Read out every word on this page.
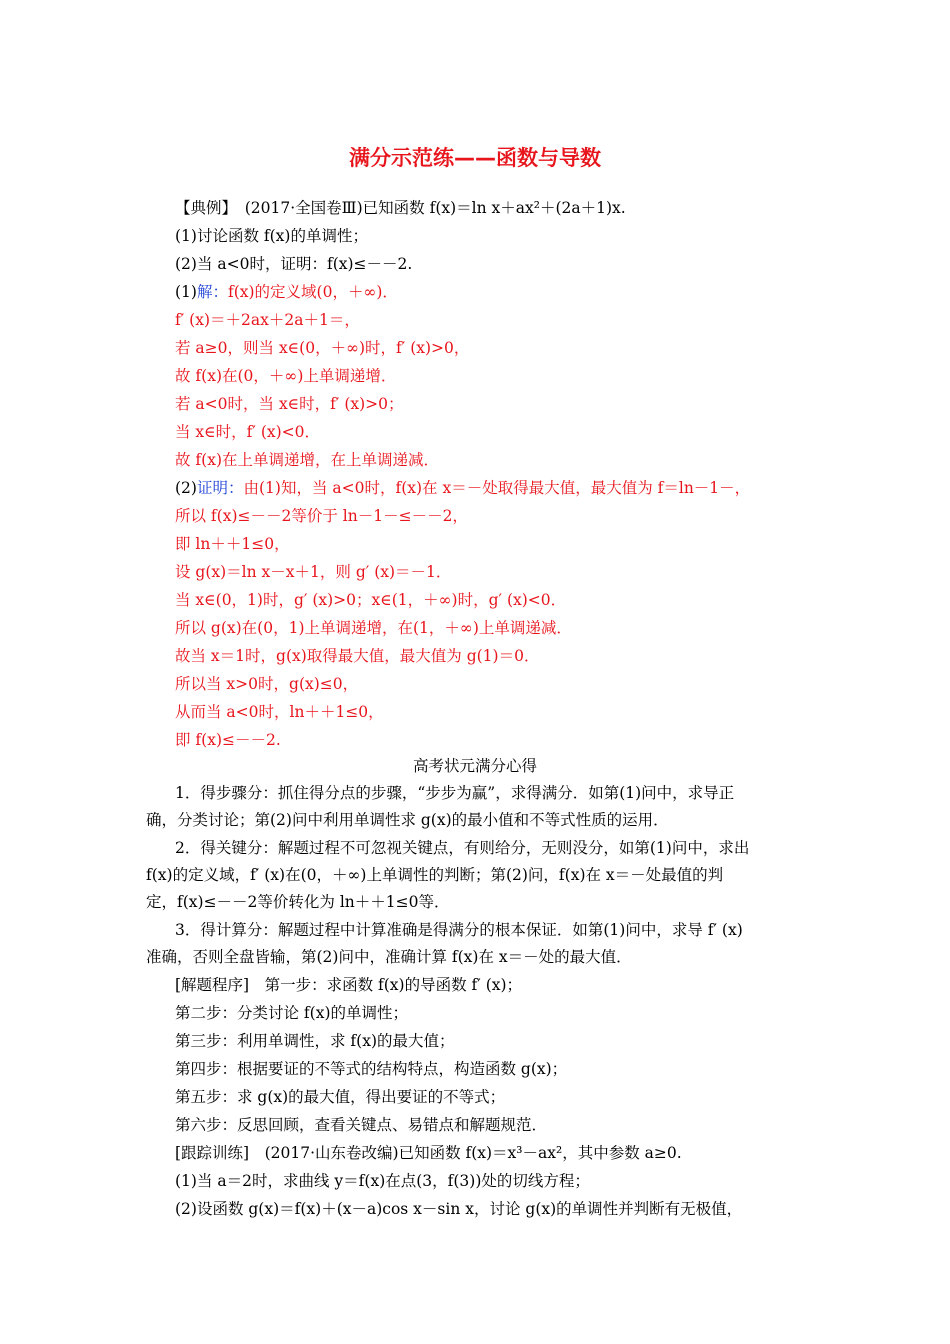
满分示范练——函数与导数

【典例】　(2017·全国卷Ⅲ)已知函数 f(x)＝ln x＋ax²＋(2a＋1)x.

(1)讨论函数 f(x)的单调性；

(2)当 a<0时，证明：f(x)≤－－2.

(1)解：f(x)的定义域(0，＋∞)．

f′ (x)＝＋2ax＋2a＋1＝，

若 a≥0，则当 x∈(0，＋∞)时，f′ (x)>0，

故 f(x)在(0，＋∞)上单调递增．

若 a<0时，当 x∈时，f′ (x)>0；

当 x∈时，f′ (x)<0．

故 f(x)在上单调递增，在上单调递减．

(2)证明：由(1)知，当 a<0时，f(x)在 x＝－处取得最大值，最大值为 f＝ln－1－，

所以 f(x)≤－－2等价于 ln－1－≤－－2，

即 ln＋＋1≤0，

设 g(x)＝ln x－x＋1，则 g′ (x)＝－1．

当 x∈(0，1)时，g′ (x)>0；x∈(1，＋∞)时，g′ (x)<0．

所以 g(x)在(0，1)上单调递增，在(1，＋∞)上单调递减．

故当 x＝1时，g(x)取得最大值，最大值为 g(1)＝0．

所以当 x>0时，g(x)≤0，

从而当 a<0时，ln＋＋1≤0，

即 f(x)≤－－2.

高考状元满分心得

1．得步骤分：抓住得分点的步骤，“步步为赢”，求得满分．如第(1)问中，求导正

确，分类讨论；第(2)问中利用单调性求 g(x)的最小值和不等式性质的运用．

2．得关键分：解题过程不可忽视关键点，有则给分，无则没分，如第(1)问中，求出

f(x)的定义域，f′ (x)在(0，＋∞)上单调性的判断；第(2)问，f(x)在 x＝－处最值的判

定，f(x)≤－－2等价转化为 ln＋＋1≤0等．

3．得计算分：解题过程中计算准确是得满分的根本保证．如第(1)问中，求导 f′ (x)

准确，否则全盘皆输，第(2)问中，准确计算 f(x)在 x＝－处的最大值．

[解题程序]　第一步：求函数 f(x)的导函数 f′ (x)；

第二步：分类讨论 f(x)的单调性；

第三步：利用单调性，求 f(x)的最大值；

第四步：根据要证的不等式的结构特点，构造函数 g(x)；

第五步：求 g(x)的最大值，得出要证的不等式；

第六步：反思回顾，查看关键点、易错点和解题规范．

[跟踪训练]　(2017·山东卷改编)已知函数 f(x)＝x³－ax²，其中参数 a≥0.

(1)当 a＝2时，求曲线 y＝f(x)在点(3，f(3))处的切线方程；

(2)设函数 g(x)＝f(x)＋(x－a)cos x－sin x，讨论 g(x)的单调性并判断有无极值，
